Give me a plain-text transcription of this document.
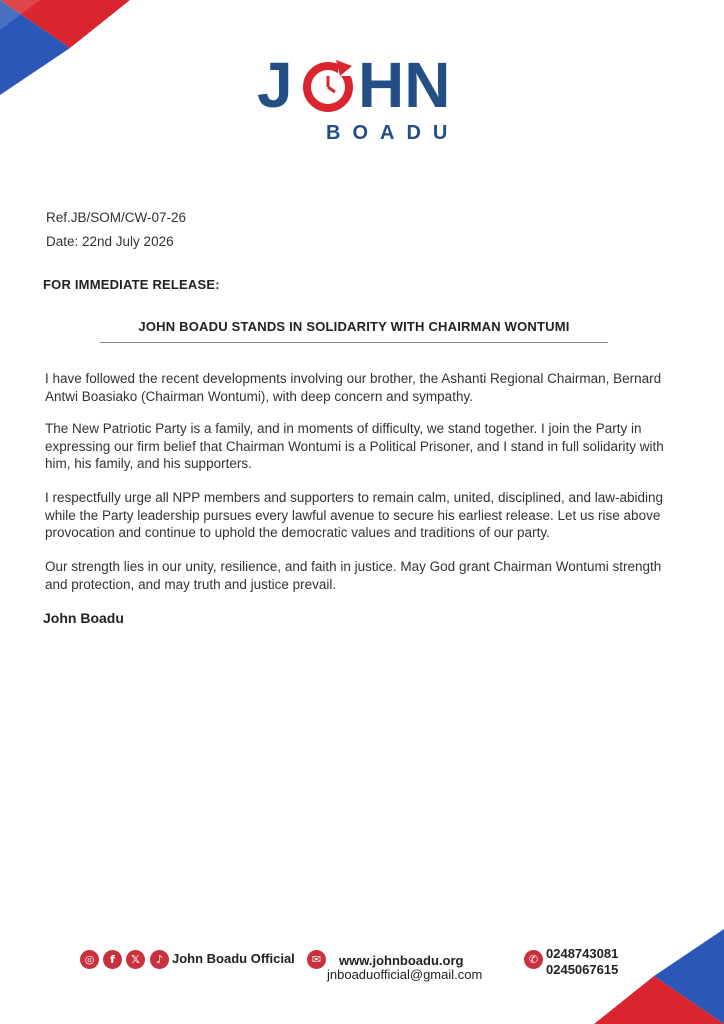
J HN
BOADU
Ref.JB/SOM/CW-07-26
Date: 22nd July 2026
FOR IMMEDIATE RELEASE:
JOHN BOADU STANDS IN SOLIDARITY WITH CHAIRMAN WONTUMI
I have followed the recent developments involving our brother, the Ashanti Regional Chairman, Bernard Antwi Boasiako (Chairman Wontumi), with deep concern and sympathy.
The New Patriotic Party is a family, and in moments of difficulty, we stand together. I join the Party in expressing our firm belief that Chairman Wontumi is a Political Prisoner, and I stand in full solidarity with him, his family, and his supporters.
I respectfully urge all NPP members and supporters to remain calm, united, disciplined, and law-abiding while the Party leadership pursues every lawful avenue to secure his earliest release. Let us rise above provocation and continue to uphold the democratic values and traditions of our party.
Our strength lies in our unity, resilience, and faith in justice. May God grant Chairman Wontumi strength and protection, and may truth and justice prevail.
John Boadu
◎	f	𝕏	♪ John Boadu Official	✉	www.johnboadu.org
jnboaduofficial@gmail.com
✆ 0248743081
0245067615
